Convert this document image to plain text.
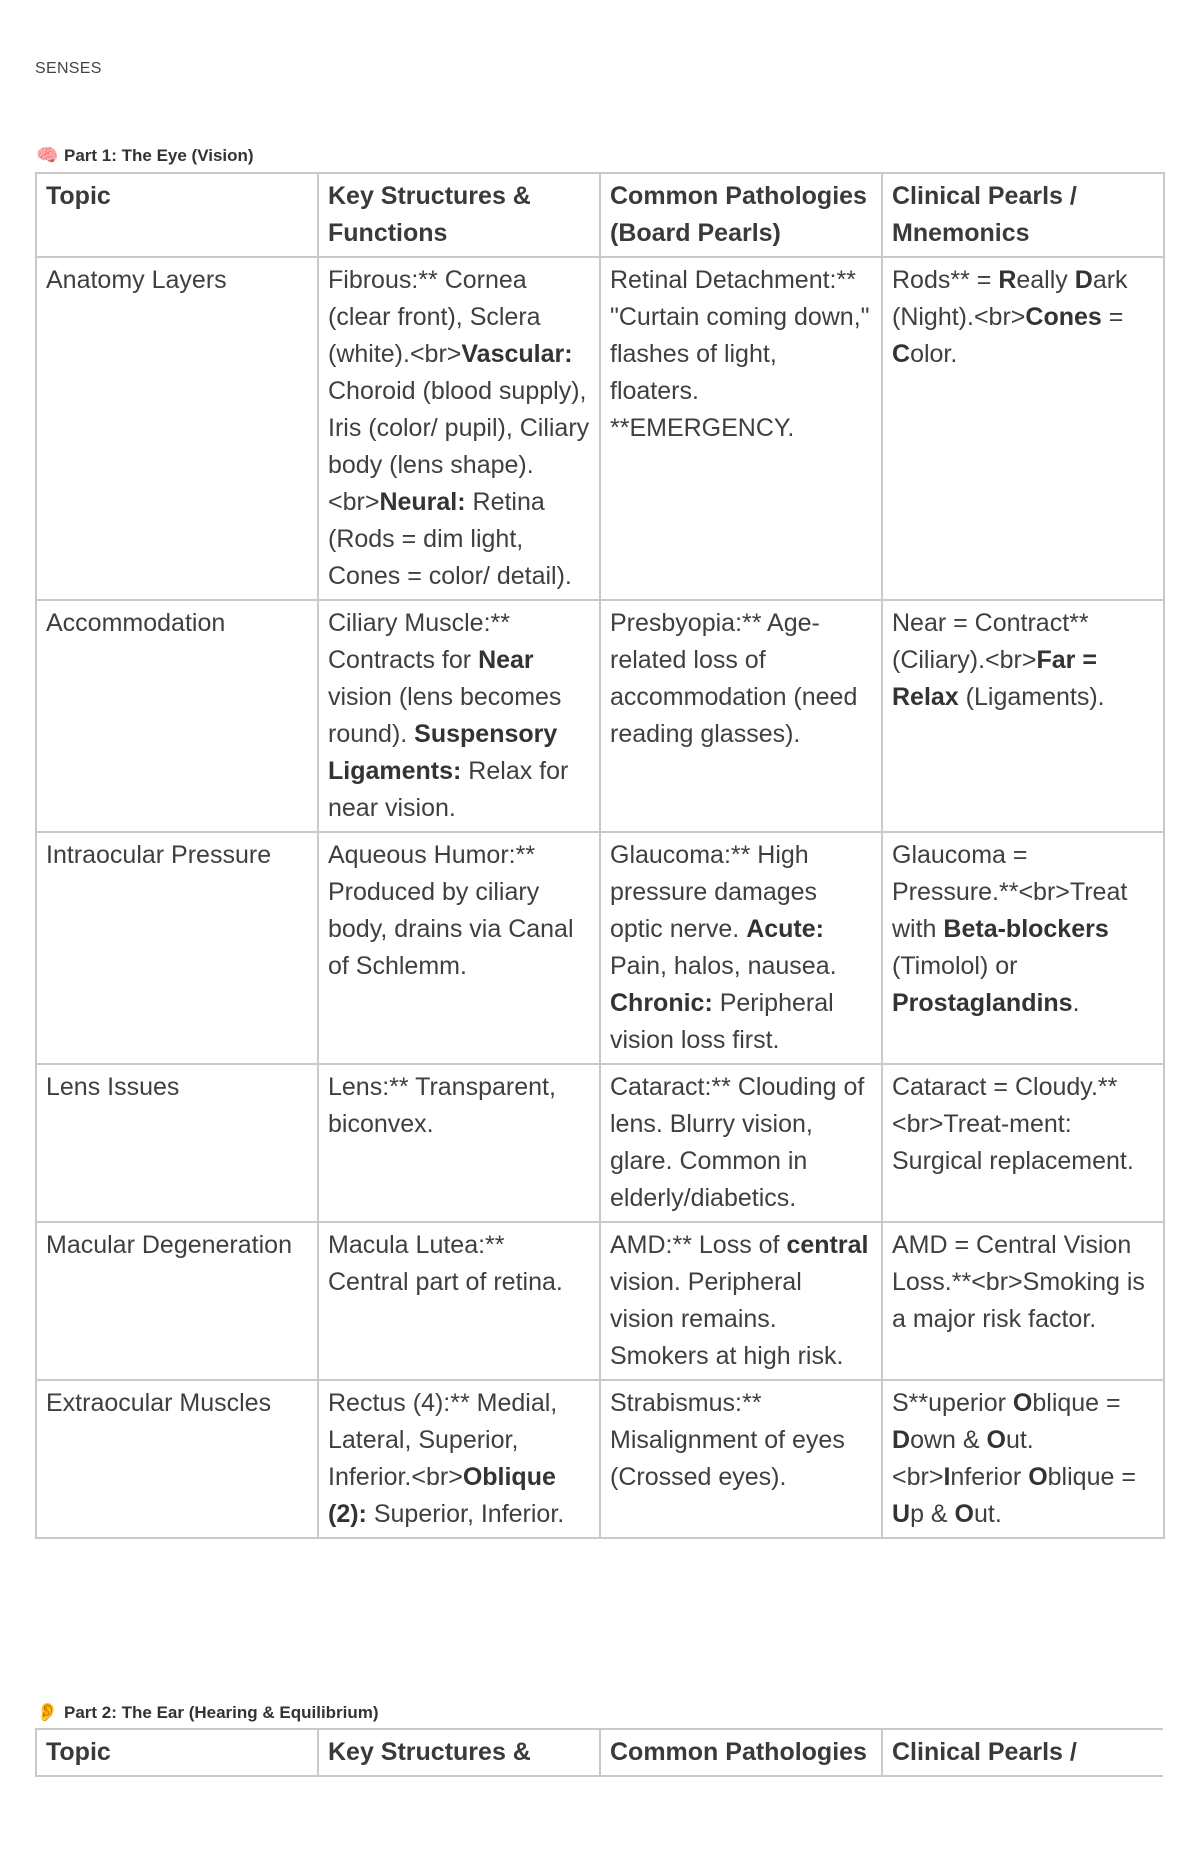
SENSES
🧠 Part 1: The Eye (Vision)
Topic	Key Structures & Functions	Common Pathologies (Board Pearls)	Clinical Pearls / Mnemonics
Anatomy Layers	Fibrous:** Cornea (clear front), Sclera (white).<br>Vascular: Choroid (blood supply), Iris (color/ pupil), Ciliary body (lens shape).<br>Neural: Retina (Rods = dim light, Cones = color/ detail).	Retinal Detachment:** "Curtain coming down," flashes of light, floaters. **EMERGENCY.	Rods** = Really Dark (Night).<br>Cones = Color.
Accommodation	Ciliary Muscle:** Contracts for Near vision (lens becomes round). Suspensory Ligaments: Relax for near vision.	Presbyopia:** Age-related loss of accommodation (need reading glasses).	Near = Contract** (Ciliary).<br>Far = Relax (Ligaments).
Intraocular Pressure	Aqueous Humor:** Produced by ciliary body, drains via Canal of Schlemm.	Glaucoma:** High pressure damages optic nerve. Acute: Pain, halos, nausea. Chronic: Peripheral vision loss first.	Glaucoma = Pressure.**<br>Treat with Beta-blockers (Timolol) or Prostaglandins.
Lens Issues	Lens:** Transparent, biconvex.	Cataract:** Clouding of lens. Blurry vision, glare. Common in elderly/diabetics.	Cataract = Cloudy.**<br>Treat-ment: Surgical replacement.
Macular Degeneration	Macula Lutea:** Central part of retina.	AMD:** Loss of central vision. Peripheral vision remains. Smokers at high risk.	AMD = Central Vision Loss.**<br>Smoking is a major risk factor.
Extraocular Muscles	Rectus (4):** Medial, Lateral, Superior, Inferior.<br>Oblique (2): Superior, Inferior.	Strabismus:** Misalignment of eyes (Crossed eyes).	S**uperior Oblique = Down & Out.<br>Inferior Oblique = Up & Out.
👂 Part 2: The Ear (Hearing & Equilibrium)
Topic	Key Structures &	Common Pathologies	Clinical Pearls /
